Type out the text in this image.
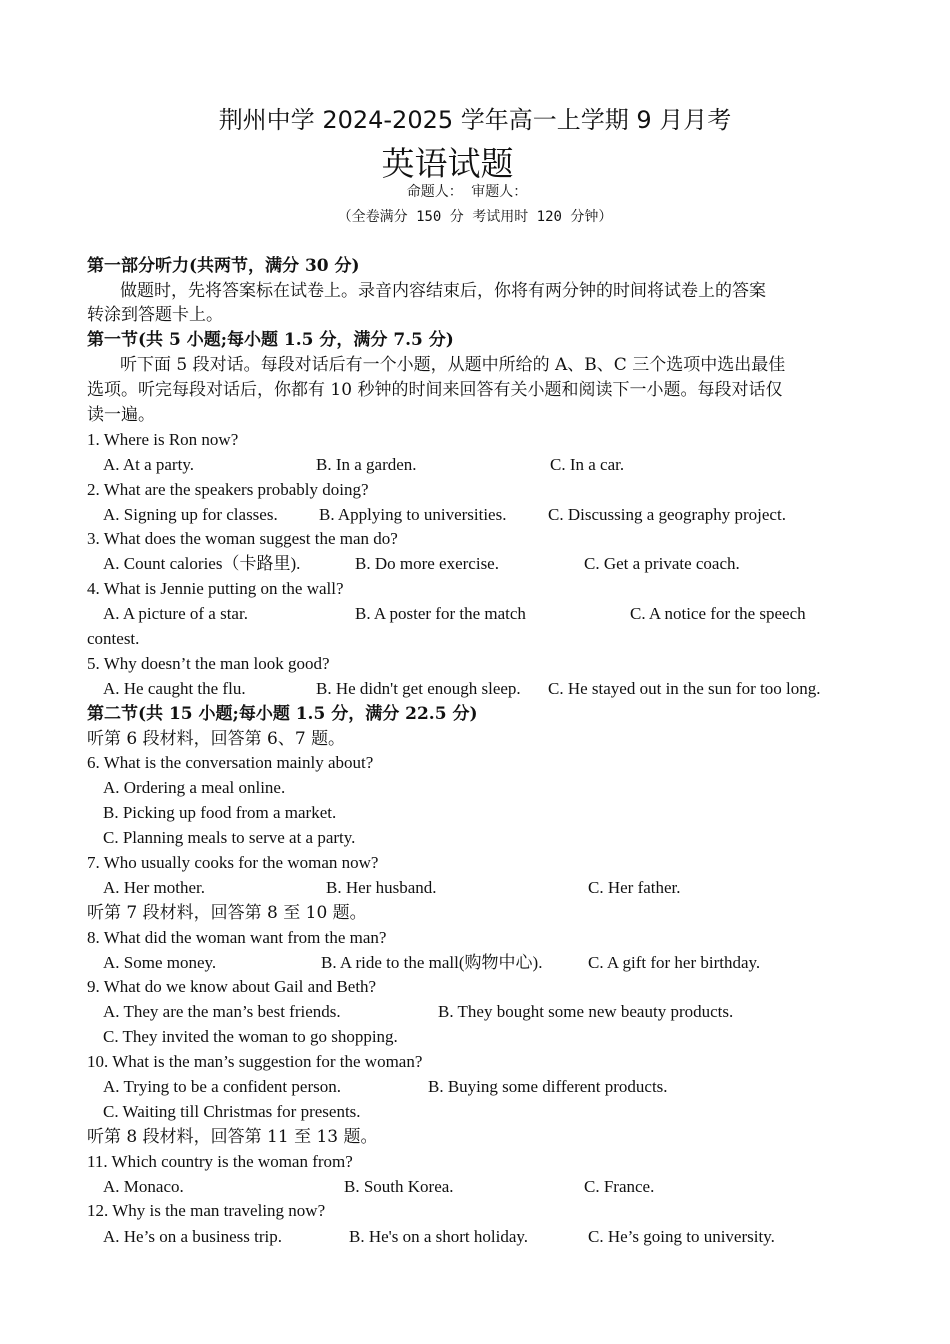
荆州中学 2024-2025 学年高一上学期 9 月月考
英语试题
命题人： 审题人：
（全卷满分 150 分 考试用时 120 分钟）
第一部分听力(共两节，满分 30 分)
做题时，先将答案标在试卷上。录音内容结束后，你将有两分钟的时间将试卷上的答案
转涂到答题卡上。
第一节(共 5 小题;每小题 1.5 分，满分 7.5 分)
听下面 5 段对话。每段对话后有一个小题，从题中所给的 A、B、C 三个选项中选出最佳
选项。听完每段对话后，你都有 10 秒钟的时间来回答有关小题和阅读下一小题。每段对话仅
读一遍。
1. Where is Ron now?
A. At a party.	B. In a garden.	C. In a car.
2. What are the speakers probably doing?
A. Signing up for classes. B. Applying to universities. C. Discussing a geography project.
3. What does the woman suggest the man do?
A. Count calories（卡路里).	B. Do more exercise.	C. Get a private coach.
4. What is Jennie putting on the wall?
A. A picture of a star.	B. A poster for the match	C. A notice for the speech
contest.
5. Why doesn’t the man look good?
A. He caught the flu.	B. He didn't get enough sleep. C. He stayed out in the sun for too long.
第二节(共 15 小题;每小题 1.5 分，满分 22.5 分)
听第 6 段材料，回答第 6、7 题。
6. What is the conversation mainly about?
A. Ordering a meal online.
B. Picking up food from a market.
C. Planning meals to serve at a party.
7. Who usually cooks for the woman now?
A. Her mother.	B. Her husband.	C. Her father.
听第 7 段材料，回答第 8 至 10 题。
8. What did the woman want from the man?
A. Some money.	B. A ride to the mall(购物中心).	C. A gift for her birthday.
9. What do we know about Gail and Beth?
A. They are the man’s best friends.	B. They bought some new beauty products.
C. They invited the woman to go shopping.
10. What is the man’s suggestion for the woman?
A. Trying to be a confident person.	B. Buying some different products.
C. Waiting till Christmas for presents.
听第 8 段材料，回答第 11 至 13 题。
11. Which country is the woman from?
A. Monaco.	B. South Korea.	C. France.
12. Why is the man traveling now?
A. He’s on a business trip.	B. He's on a short holiday.	C. He’s going to university.
